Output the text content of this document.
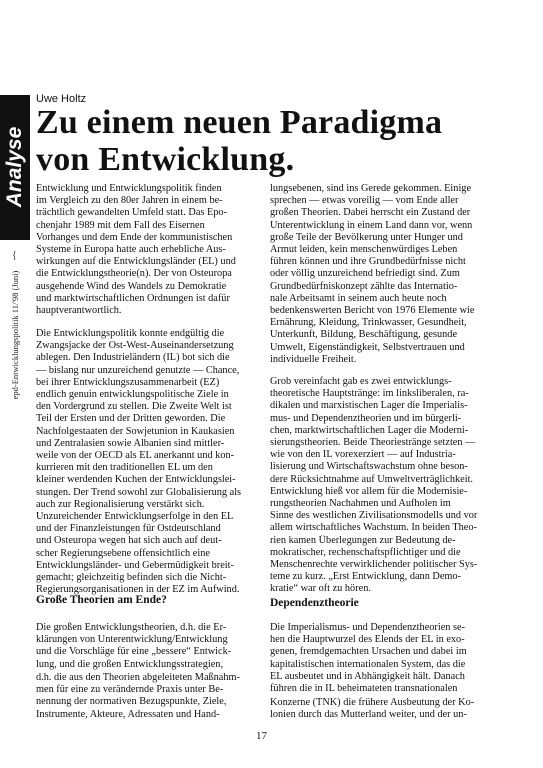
Analyse
{
epd-Entwicklungspolitik 11/'98 (Juni)
Uwe Holtz
Zu einem neuen Paradigma
von Entwicklung.
Entwicklung und Entwicklungspolitik finden
im Vergleich zu den 80er Jahren in einem be-
trächtlich gewandelten Umfeld statt. Das Epo-
chenjahr 1989 mit dem Fall des Eisernen
Vorhanges und dem Ende der kommunistischen
Systeme in Europa hatte auch erhebliche Aus-
wirkungen auf die Entwicklungsländer (EL) und
die Entwicklungstheorie(n). Der von Osteuropa
ausgehende Wind des Wandels zu Demokratie
und marktwirtschaftlichen Ordnungen ist dafür
hauptverantwortlich.
Die Entwicklungspolitik konnte endgültig die
Zwangsjacke der Ost-West-Auseinandersetzung
ablegen. Den Industrieländern (IL) bot sich die
— bislang nur unzureichend genutzte — Chance,
bei ihrer Entwicklungszusammenarbeit (EZ)
endlich genuin entwicklungspolitische Ziele in
den Vordergrund zu stellen. Die Zweite Welt ist
Teil der Ersten und der Dritten geworden. Die
Nachfolgestaaten der Sowjetunion in Kaukasien
und Zentralasien sowie Albanien sind mittler-
weile von der OECD als EL anerkannt und kon-
kurrieren mit den traditionellen EL um den
kleiner werdenden Kuchen der Entwicklungslei-
stungen. Der Trend sowohl zur Globalisierung als
auch zur Regionalisierung verstärkt sich.
Unzureichender Entwicklungserfolge in den EL
und der Finanzleistungen für Ostdeutschland
und Osteuropa wegen hat sich auch auf deut-
scher Regierungsebene offensichtlich eine
Entwicklungsländer- und Gebermüdigkeit breit-
gemacht; gleichzeitig befinden sich die Nicht-
Regierungsorganisationen in der EZ im Aufwind.
Große Theorien am Ende?
Die großen Entwicklungstheorien, d.h. die Er-
klärungen von Unterentwicklung/Entwicklung
und die Vorschläge für eine „bessere“ Entwick-
lung, und die großen Entwicklungsstrategien,
d.h. die aus den Theorien abgeleiteten Maßnahm-
men für eine zu verändernde Praxis unter Be-
nennung der normativen Bezugspunkte, Ziele,
Instrumente, Akteure, Adressaten und Hand-
lungsebenen, sind ins Gerede gekommen. Einige
sprechen — etwas voreilig — vom Ende aller
großen Theorien. Dabei herrscht ein Zustand der
Unterentwicklung in einem Land dann vor, wenn
große Teile der Bevölkerung unter Hunger und
Armut leiden, kein menschenwürdiges Leben
führen können und ihre Grundbedürfnisse nicht
oder völlig unzureichend befriedigt sind. Zum
Grundbedürfniskonzept zählte das Internatio-
nale Arbeitsamt in seinem auch heute noch
bedenkenswerten Bericht von 1976 Elemente wie
Ernährung, Kleidung, Trinkwasser, Gesundheit,
Unterkunft, Bildung, Beschäftigung, gesunde
Umwelt, Eigenständigkeit, Selbstvertrauen und
individuelle Freiheit.
Grob vereinfacht gab es zwei entwicklungs-
theoretische Hauptstränge: im linksliberalen, ra-
dikalen und marxistischen Lager die Imperialis-
mus- und Dependenztheorien und im bürgerli-
chen, marktwirtschaftlichen Lager die Moderni-
sierungstheorien. Beide Theoriestränge setzten —
wie von den IL vorexerziert — auf Industria-
lisierung und Wirtschaftswachstum ohne beson-
dere Rücksichtnahme auf Umweltverträglichkeit.
Entwicklung hieß vor allem für die Modernisie-
rungstheorien Nachahmen und Aufholen im
Sinne des westlichen Zivilisationsmodells und vor
allem wirtschaftliches Wachstum. In beiden Theo-
rien kamen Überlegungen zur Bedeutung de-
mokratischer, rechenschaftspflichtiger und die
Menschenrechte verwirklichender politischer Sys-
teme zu kurz. „Erst Entwicklung, dann Demo-
kratie“ war oft zu hören.
Dependenztheorie
Die Imperialismus- und Dependenztheorien se-
hen die Hauptwurzel des Elends der EL in exo-
genen, fremdgemachten Ursachen und dabei im
kapitalistischen internationalen System, das die
EL ausbeutet und in Abhängigkeit hält. Danach
führen die in IL beheimateten transnationalen
Konzerne (TNK) die frühere Ausbeutung der Ko-
lonien durch das Mutterland weiter, und der un-
17
